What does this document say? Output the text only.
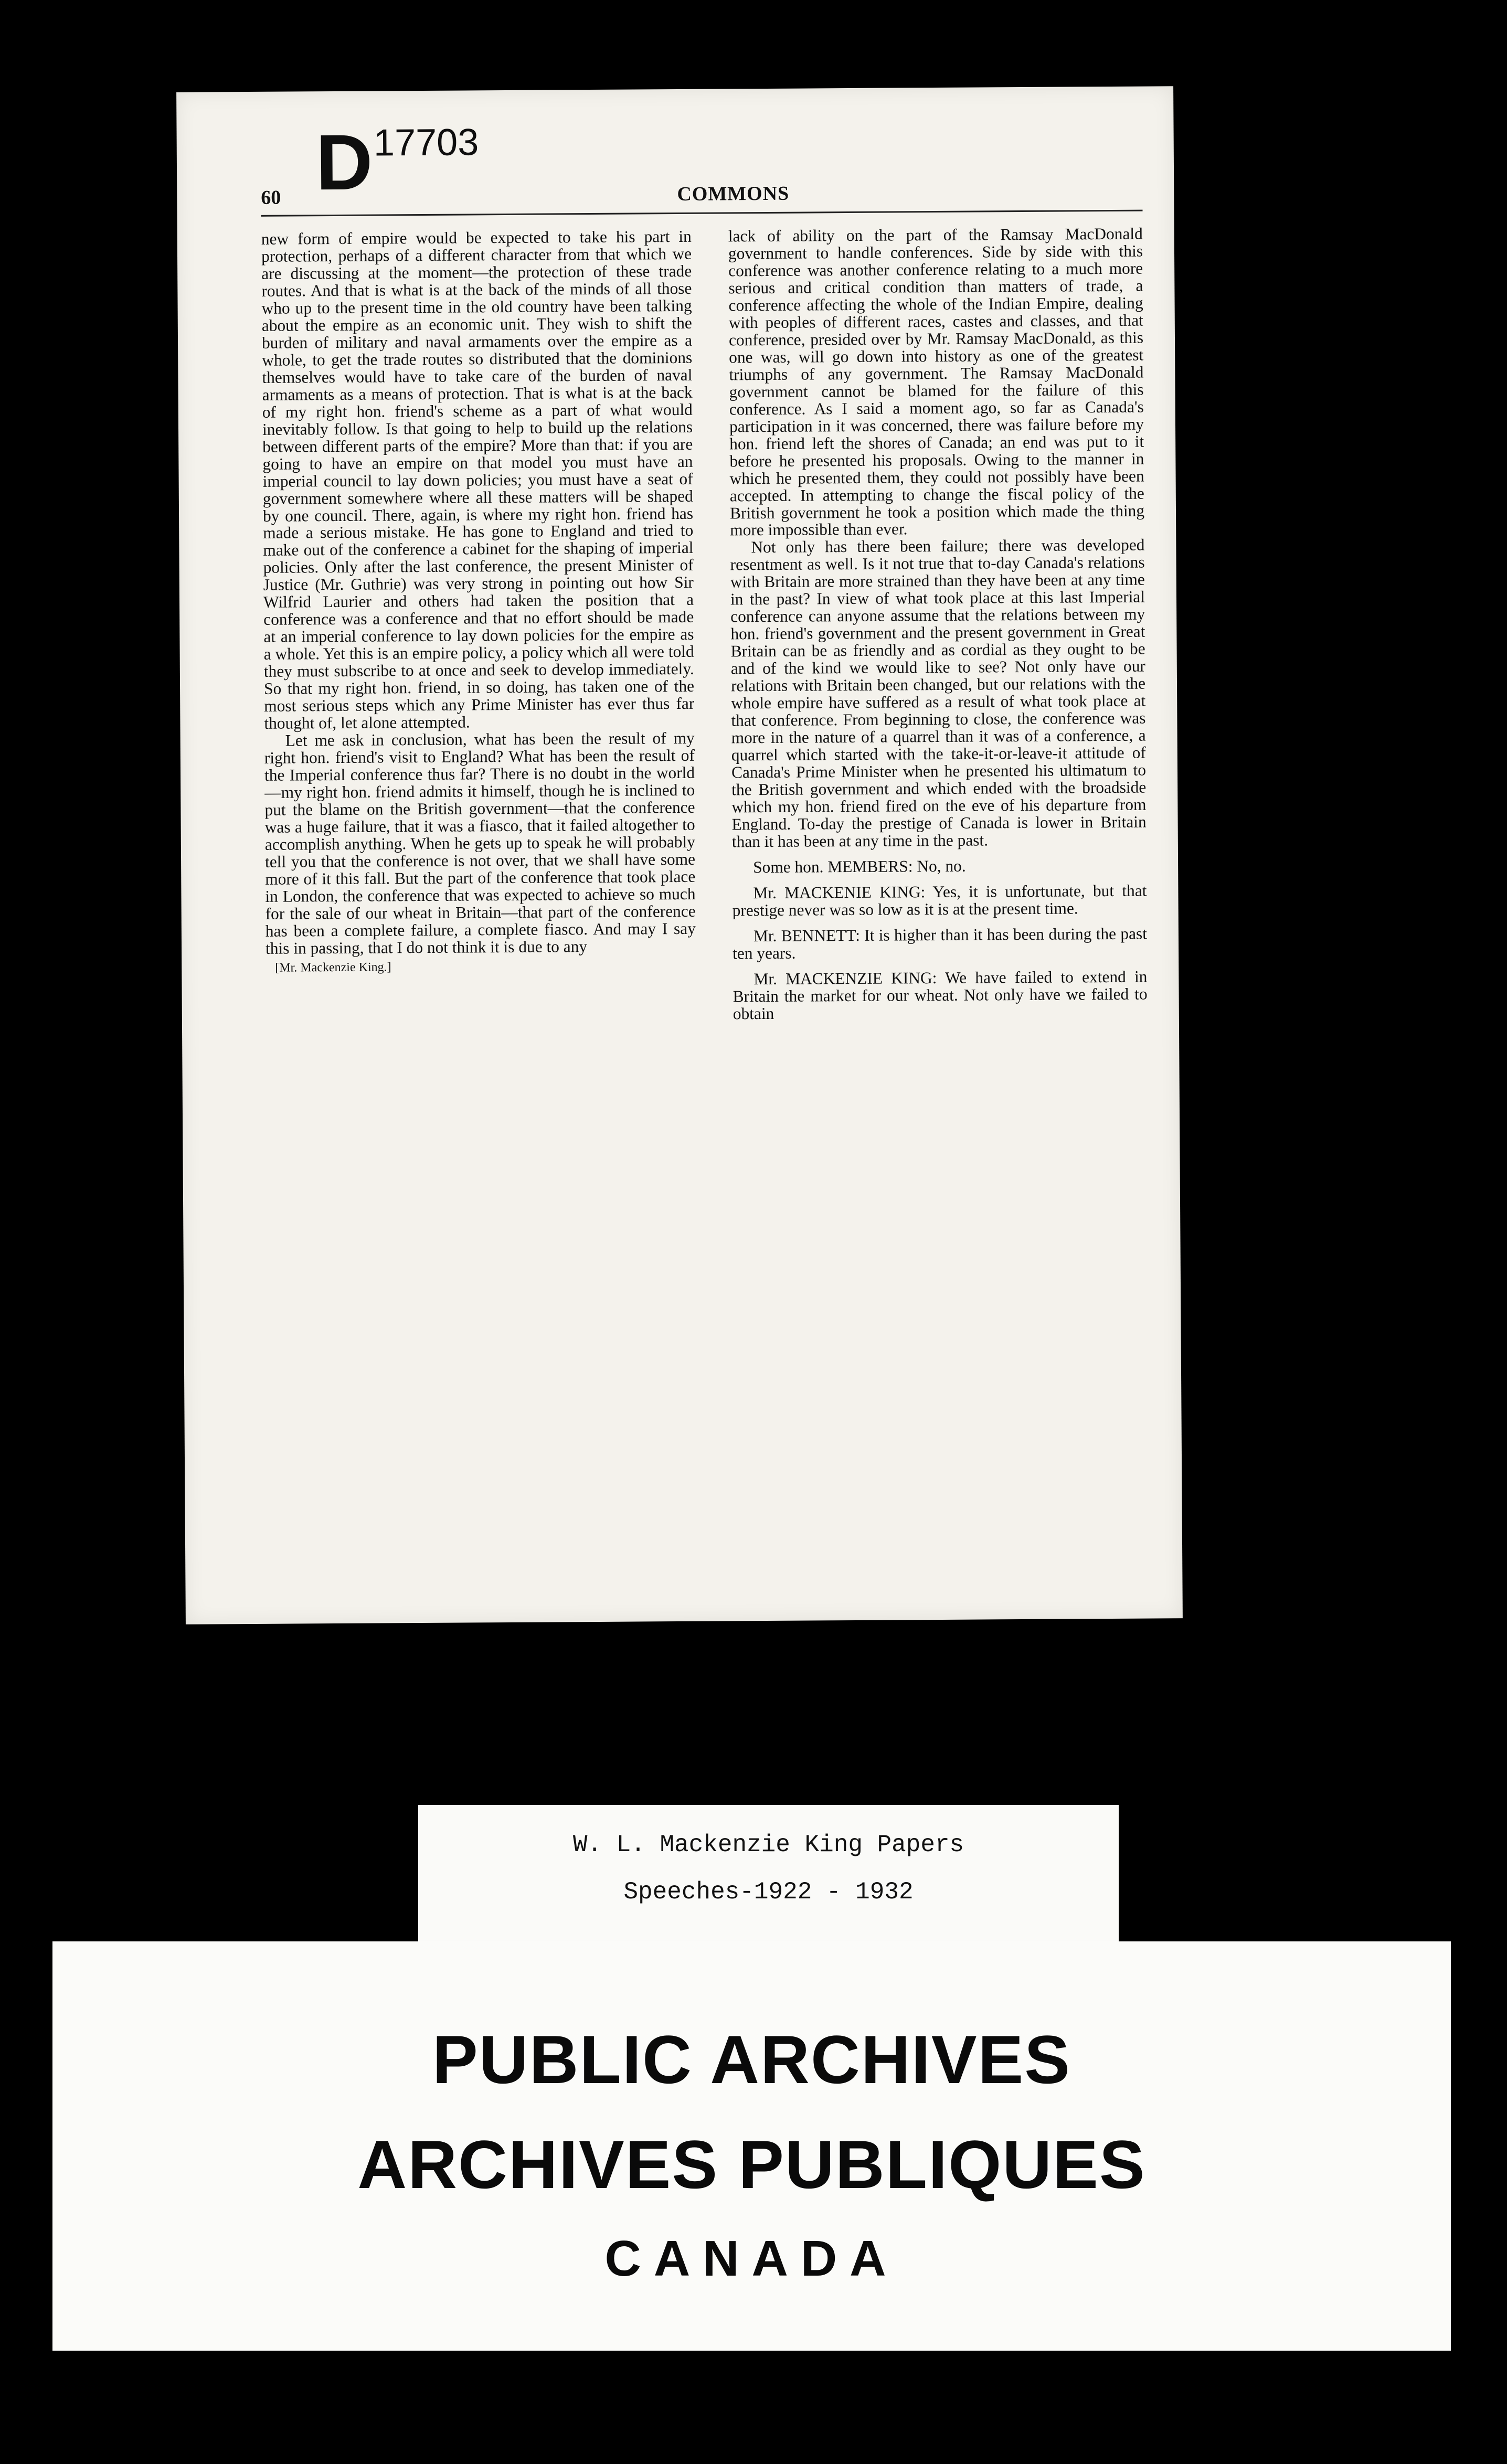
D17703
60	COMMONS

new form of empire would be expected to take his part in protection, perhaps of a different character from that which we are discussing at the moment—the protection of these trade routes. And that is what is at the back of the minds of all those who up to the present time in the old country have been talking about the empire as an economic unit. They wish to shift the burden of military and naval armaments over the empire as a whole, to get the trade routes so distributed that the dominions themselves would have to take care of the burden of naval armaments as a means of protection. That is what is at the back of my right hon. friend's scheme as a part of what would inevitably follow. Is that going to help to build up the relations between different parts of the empire? More than that: if you are going to have an empire on that model you must have an imperial council to lay down policies; you must have a seat of government somewhere where all these matters will be shaped by one council. There, again, is where my right hon. friend has made a serious mistake. He has gone to England and tried to make out of the conference a cabinet for the shaping of imperial policies. Only after the last conference, the present Minister of Justice (Mr. Guthrie) was very strong in pointing out how Sir Wilfrid Laurier and others had taken the position that a conference was a conference and that no effort should be made at an imperial conference to lay down policies for the empire as a whole. Yet this is an empire policy, a policy which all were told they must subscribe to at once and seek to develop immediately. So that my right hon. friend, in so doing, has taken one of the most serious steps which any Prime Minister has ever thus far thought of, let alone attempted.

Let me ask in conclusion, what has been the result of my right hon. friend's visit to England? What has been the result of the Imperial conference thus far? There is no doubt in the world—my right hon. friend admits it himself, though he is inclined to put the blame on the British government—that the conference was a huge failure, that it was a fiasco, that it failed altogether to accomplish anything. When he gets up to speak he will probably tell you that the conference is not over, that we shall have some more of it this fall. But the part of the conference that took place in London, the conference that was expected to achieve so much for the sale of our wheat in Britain—that part of the conference has been a complete failure, a complete fiasco. And may I say this in passing, that I do not think it is due to any

[Mr. Mackenzie King.]

lack of ability on the part of the Ramsay MacDonald government to handle conferences. Side by side with this conference was another conference relating to a much more serious and critical condition than matters of trade, a conference affecting the whole of the Indian Empire, dealing with peoples of different races, castes and classes, and that conference, presided over by Mr. Ramsay MacDonald, as this one was, will go down into history as one of the greatest triumphs of any government. The Ramsay MacDonald government cannot be blamed for the failure of this conference. As I said a moment ago, so far as Canada's participation in it was concerned, there was failure before my hon. friend left the shores of Canada; an end was put to it before he presented his proposals. Owing to the manner in which he presented them, they could not possibly have been accepted. In attempting to change the fiscal policy of the British government he took a position which made the thing more impossible than ever.

Not only has there been failure; there was developed resentment as well. Is it not true that to-day Canada's relations with Britain are more strained than they have been at any time in the past? In view of what took place at this last Imperial conference can anyone assume that the relations between my hon. friend's government and the present government in Great Britain can be as friendly and as cordial as they ought to be and of the kind we would like to see? Not only have our relations with Britain been changed, but our relations with the whole empire have suffered as a result of what took place at that conference. From beginning to close, the conference was more in the nature of a quarrel than it was of a conference, a quarrel which started with the take-it-or-leave-it attitude of Canada's Prime Minister when he presented his ultimatum to the British government and which ended with the broadside which my hon. friend fired on the eve of his departure from England. To-day the prestige of Canada is lower in Britain than it has been at any time in the past.

Some hon. MEMBERS: No, no.

Mr. MACKENIE KING: Yes, it is unfortunate, but that prestige never was so low as it is at the present time.

Mr. BENNETT: It is higher than it has been during the past ten years.

Mr. MACKENZIE KING: We have failed to extend in Britain the market for our wheat. Not only have we failed to obtain

W. L. Mackenzie King Papers
Speeches-1922 - 1932
PUBLIC ARCHIVES
ARCHIVES PUBLIQUES
CANADA
